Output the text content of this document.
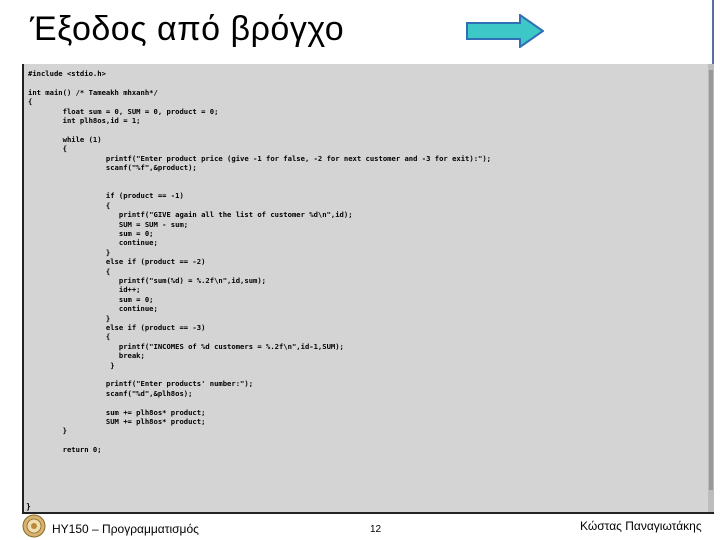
Έξοδος από βρόγχο
#include <stdio.h>

int main() /* Tameakh mhxanh*/
{
float sum = 0, SUM = 0, product = 0;
int plh8os,id = 1;

while (1)
{
printf("Enter product price (give -1 for false, -2 for next customer and -3 for exit):");
scanf("%f",&product);

if (product == -1)
{
printf("GIVE again all the list of customer %d\n",id);
SUM = SUM - sum;
sum = 0;
continue;
}
else if (product == -2)
{
printf("sum(%d) = %.2f\n",id,sum);
id++;
sum = 0;
continue;
}
else if (product == -3)
{
printf("INCOMES of %d customers = %.2f\n",id-1,SUM);
break;
}

printf("Enter products' number:");
scanf("%d",&plh8os);

sum += plh8os* product;
SUM += plh8os* product;
}

return 0;
}
HY150 – Προγραμματισμός	12	Κώστας Παναγιωτάκης
